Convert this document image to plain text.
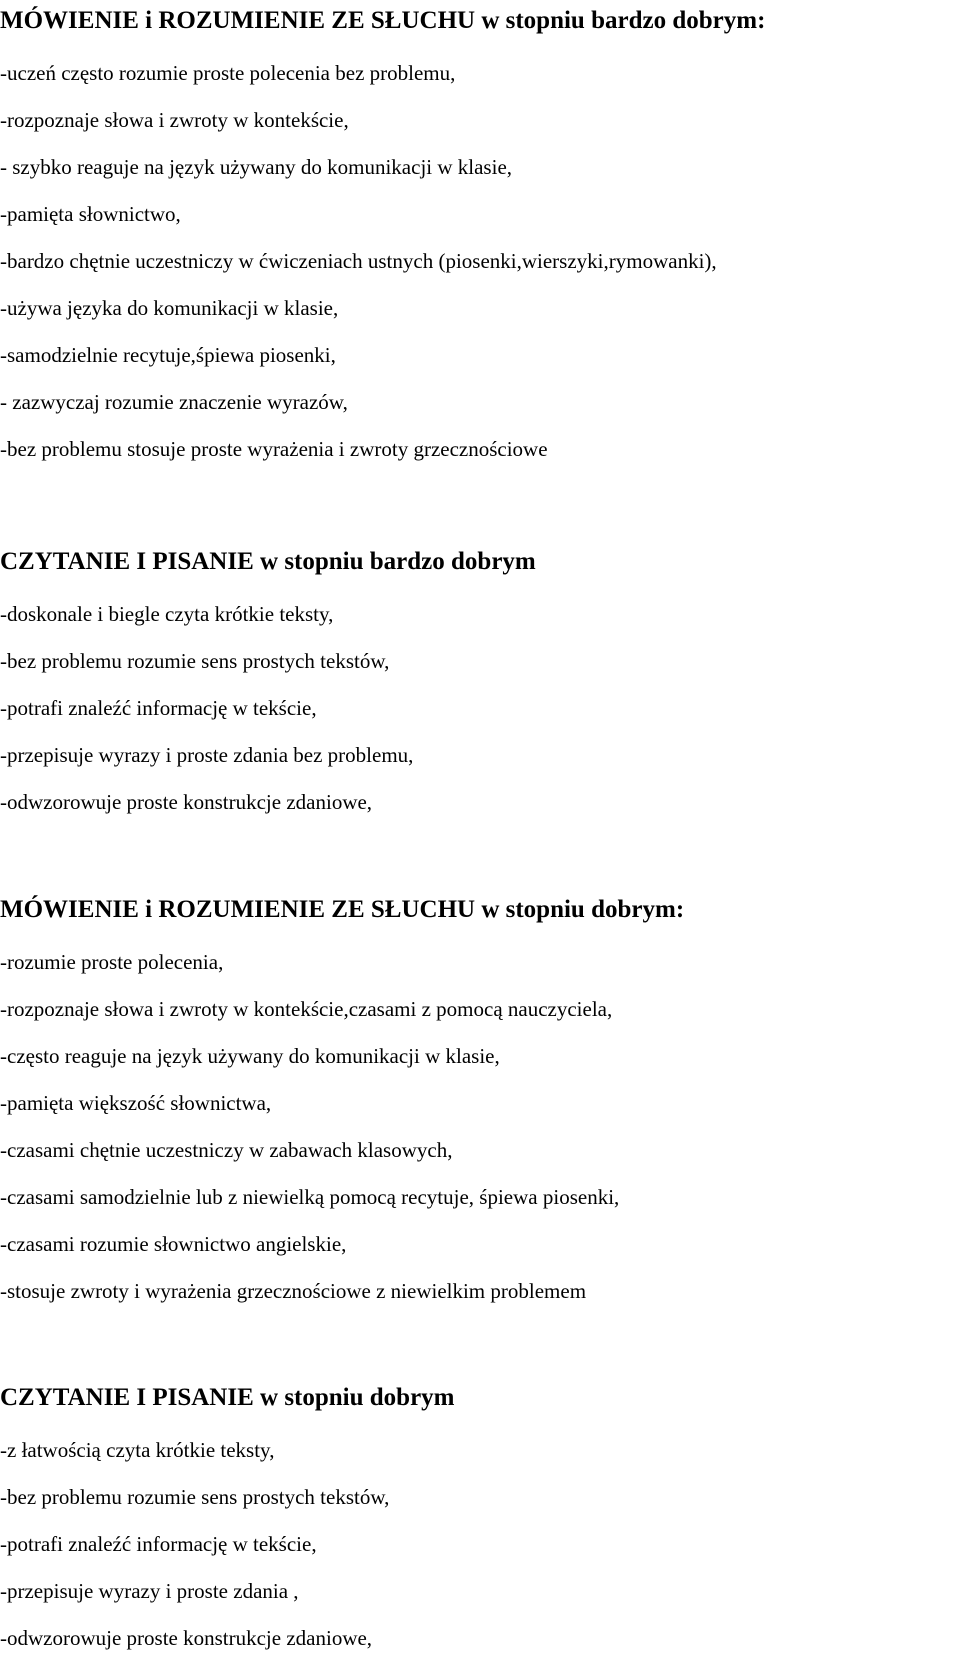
MÓWIENIE i ROZUMIENIE ZE SŁUCHU w stopniu bardzo dobrym:
-uczeń często rozumie proste polecenia bez problemu,
-rozpoznaje słowa i zwroty w kontekście,
- szybko reaguje na język używany do komunikacji w klasie,
-pamięta słownictwo,
-bardzo chętnie uczestniczy w ćwiczeniach ustnych (piosenki,wierszyki,rymowanki),
-używa języka do komunikacji w klasie,
-samodzielnie recytuje,śpiewa piosenki,
- zazwyczaj rozumie znaczenie wyrazów,
-bez problemu stosuje proste wyrażenia i zwroty grzecznościowe
CZYTANIE I PISANIE w stopniu bardzo dobrym
-doskonale i biegle czyta krótkie teksty,
-bez problemu rozumie sens prostych tekstów,
-potrafi znaleźć informację w tekście,
-przepisuje wyrazy i proste zdania bez problemu,
-odwzorowuje proste konstrukcje zdaniowe,
MÓWIENIE i ROZUMIENIE ZE SŁUCHU w stopniu dobrym:
-rozumie proste polecenia,
-rozpoznaje słowa i zwroty w kontekście,czasami z pomocą nauczyciela,
-często reaguje na język używany do komunikacji w klasie,
-pamięta większość słownictwa,
-czasami chętnie uczestniczy w zabawach klasowych,
-czasami samodzielnie lub z niewielką pomocą recytuje, śpiewa piosenki,
-czasami rozumie słownictwo angielskie,
-stosuje zwroty i wyrażenia grzecznościowe z niewielkim problemem
CZYTANIE I PISANIE w stopniu dobrym
-z łatwością czyta krótkie teksty,
-bez problemu rozumie sens prostych tekstów,
-potrafi znaleźć informację w tekście,
-przepisuje wyrazy i proste zdania ,
-odwzorowuje proste konstrukcje zdaniowe,
